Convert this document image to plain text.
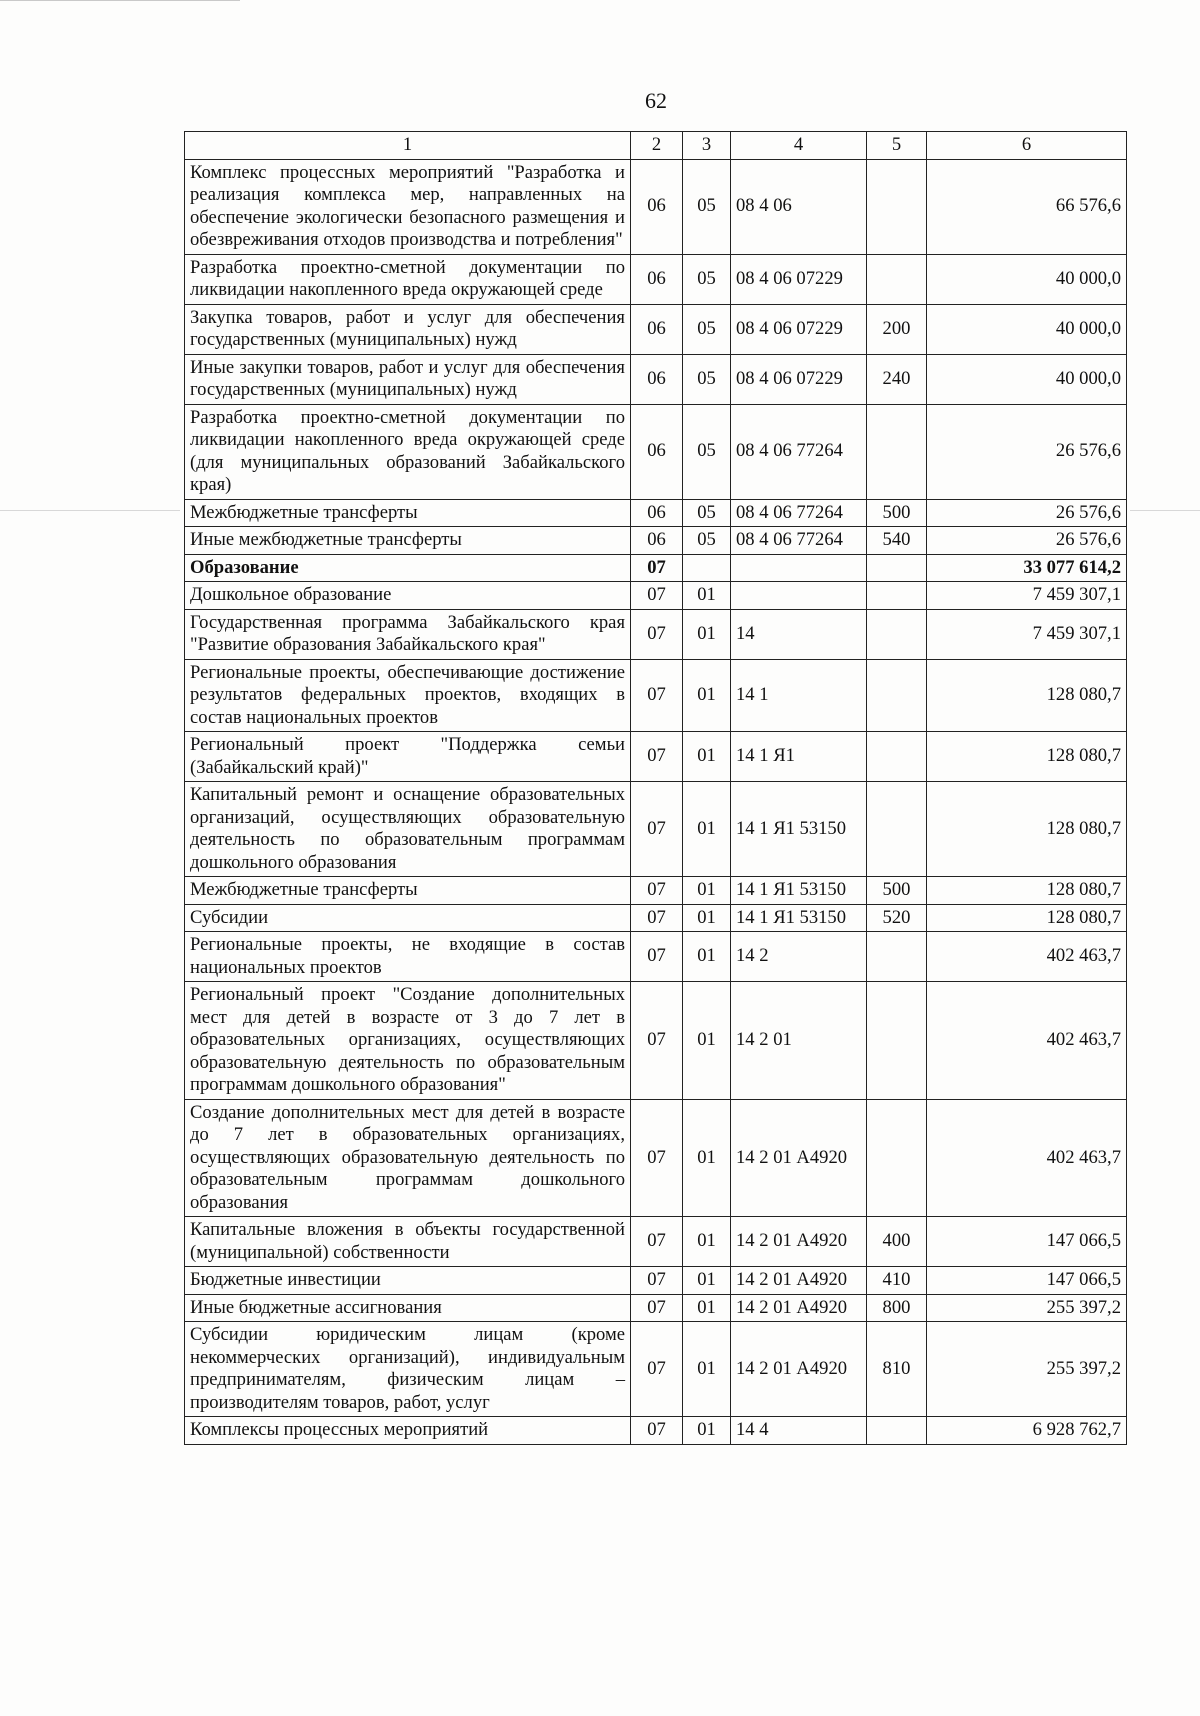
62
1	2	3	4	5	6
Комплекс процессных мероприятий "Разработка и реализация комплекса мер, направленных на обеспечение экологически безопасного размещения и обезвреживания отходов производства и потребления"	06	05	08 4 06		66 576,6
Разработка проектно-сметной документации по ликвидации накопленного вреда окружающей среде	06	05	08 4 06 07229		40 000,0
Закупка товаров, работ и услуг для обеспечения государственных (муниципальных) нужд	06	05	08 4 06 07229	200	40 000,0
Иные закупки товаров, работ и услуг для обеспечения государственных (муниципальных) нужд	06	05	08 4 06 07229	240	40 000,0
Разработка проектно-сметной документации по ликвидации накопленного вреда окружающей среде (для муниципальных образований Забайкальского края)	06	05	08 4 06 77264		26 576,6
Межбюджетные трансферты	06	05	08 4 06 77264	500	26 576,6
Иные межбюджетные трансферты	06	05	08 4 06 77264	540	26 576,6
Образование	07				33 077 614,2
Дошкольное образование	07	01			7 459 307,1
Государственная программа Забайкальского края "Развитие образования Забайкальского края"	07	01	14		7 459 307,1
Региональные проекты, обеспечивающие достижение результатов федеральных проектов, входящих в состав национальных проектов	07	01	14 1		128 080,7
Региональный проект "Поддержка семьи (Забайкальский край)"	07	01	14 1 Я1		128 080,7
Капитальный ремонт и оснащение образовательных организаций, осуществляющих образовательную деятельность по образовательным программам дошкольного образования	07	01	14 1 Я1 53150		128 080,7
Межбюджетные трансферты	07	01	14 1 Я1 53150	500	128 080,7
Субсидии	07	01	14 1 Я1 53150	520	128 080,7
Региональные проекты, не входящие в состав национальных проектов	07	01	14 2		402 463,7
Региональный проект "Создание дополнительных мест для детей в возрасте от 3 до 7 лет в образовательных организациях, осуществляющих образовательную деятельность по образовательным программам дошкольного образования"	07	01	14 2 01		402 463,7
Создание дополнительных мест для детей в возрасте до 7 лет в образовательных организациях, осуществляющих образовательную деятельность по образовательным программам дошкольного образования	07	01	14 2 01 А4920		402 463,7
Капитальные вложения в объекты государственной (муниципальной) собственности	07	01	14 2 01 А4920	400	147 066,5
Бюджетные инвестиции	07	01	14 2 01 А4920	410	147 066,5
Иные бюджетные ассигнования	07	01	14 2 01 А4920	800	255 397,2
Субсидии юридическим лицам (кроме некоммерческих организаций), индивидуальным предпринимателям, физическим лицам – производителям товаров, работ, услуг	07	01	14 2 01 А4920	810	255 397,2
Комплексы процессных мероприятий	07	01	14 4		6 928 762,7
